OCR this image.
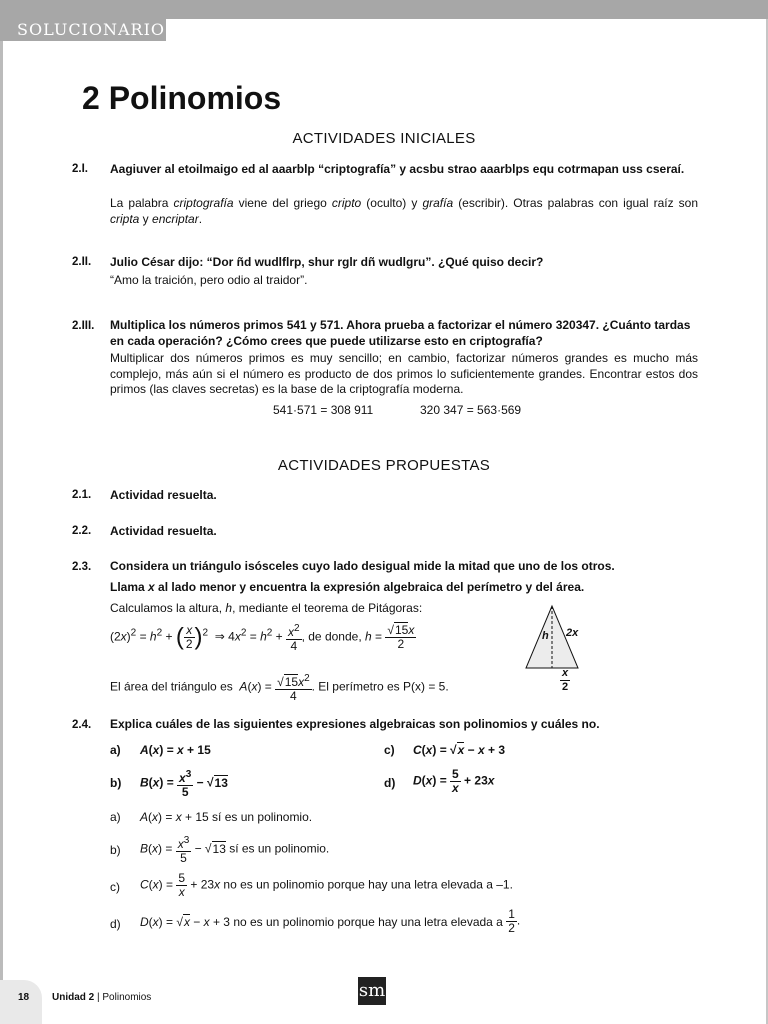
SOLUCIONARIO
2 Polinomios
ACTIVIDADES INICIALES
2.I. Aagiuver al etoilmaigo ed al aaarblp “criptografía” y acsbu strao aaarblps equ cotrmapan uss cseraí.
La palabra criptografía viene del griego cripto (oculto) y grafía (escribir). Otras palabras con igual raíz son cripta y encriptar.
2.II. Julio César dijo: “Dor ñd wudlflrp, shur rglr dñ wudlgru”. ¿Qué quiso decir?
“Amo la traición, pero odio al traidor”.
2.III. Multiplica los números primos 541 y 571. Ahora prueba a factorizar el número 320347. ¿Cuánto tardas en cada operación? ¿Cómo crees que puede utilizarse esto en criptografía?
Multiplicar dos números primos es muy sencillo; en cambio, factorizar números grandes es mucho más complejo, más aún si el número es producto de dos primos lo suficientemente grandes. Encontrar estos dos primos (las claves secretas) es la base de la criptografía moderna.
541·571 = 308 911	320 347 = 563·569
ACTIVIDADES PROPUESTAS
2.1. Actividad resuelta.
2.2. Actividad resuelta.
2.3. Considera un triángulo isósceles cuyo lado desigual mide la mitad que uno de los otros.
Llama x al lado menor y encuentra la expresión algebraica del perímetro y del área.
Calculamos la altura, h, mediante el teorema de Pitágoras:
$(2x)^2 = h^2$ + ( $\frac{x}{2} )^2$  ⇒ $4x^2 = h^2 + \frac{x^2}{4}$ , de donde, $h = \frac{√15x}{2}$
El área del triángulo es $A(x) = \frac{√15x^2}{4}$ . El perímetro es P(x) = 5.
h 2x
$\frac{x}{2}$
2.4. Explica cuáles de las siguientes expresiones algebraicas son polinomios y cuáles no.
a) A(x) = x + 15	c) C(x) = √x − x + 3
b) $B(x) = \frac{x^3}{5} - √13$	d) $D(x) = \frac{5}{x} + 23x$
a) A(x) = x + 15 sí es un polinomio.
b) $B(x) = \frac{x^3}{5} - √13$ sí es un polinomio.
c) $C(x) = \frac{5}{x} + 23x$ no es un polinomio porque hay una letra elevada a –1.
d) D(x) = √x − x + 3 no es un polinomio porque hay una letra elevada a $\frac{1}{2}$ .
18 Unidad 2 | Polinomios	sm
